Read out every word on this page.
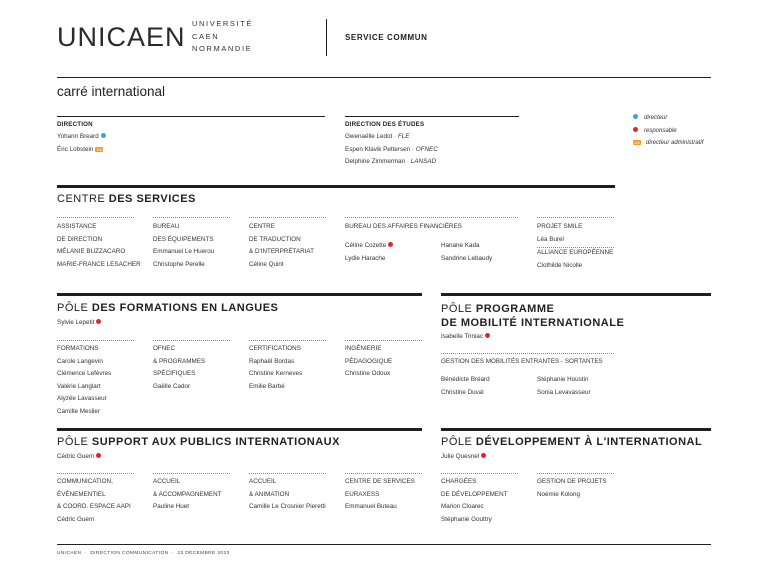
UNICAEN UNIVERSITÉ
CAEN
NORMANDIE
SERVICE COMMUN
carré international
DIRECTION
Yohann Breard
Éric Lobstein DA
DIRECTION DES ÉTUDES
Gwenaëlle Ledot · FLE
Espen Klavik Pettersen · OFNEC
Delphine Zimmerman · LANSAD
directeur
responsable
DA directeur administratif
CENTRE DES SERVICES
ASSISTANCE
DE DIRECTION
MÉLANIE BUZZACARO
MARIE-FRANCE LESACHER
BUREAU
DES ÉQUIPEMENTS
Emmanuel Le Huerou
Christophe Perelle
CENTRE
DE TRADUCTION
& D'INTERPRÉTARIAT
Céline Quint
BUREAU DES AFFAIRES FINANCIÈRES
Céline Cozette
Lydie Harache
Hanane Kada
Sandrine Lebaudy
PROJET SMILE
Léa Burel
ALLIANCE EUROPÉENNE
Clothilde Nicolle
PÔLE DES FORMATIONS EN LANGUES
Sylvie Lepetit
FORMATIONS
Carole Langevin
Clémence Lefèvres
Valérie Langlart
Alyzée Lavasseur
Camille Meslier
OFNEC
& PROGRAMMES
SPÉCIFIQUES
Gaëlle Cador
CERTIFICATIONS
Raphaël Bordas
Christine Kerneves
Emilie Barbé
INGÉNIERIE
PÉDAGOGIQUE
Christine Odoux
PÔLE PROGRAMME
DE MOBILITÉ INTERNATIONALE
Isabelle Triniac
GESTION DES MOBILITÉS ENTRANTES - SORTANTES
Bénédicte Bréard
Christine Duval
Stéphanie Houstin
Sonia Levavasseur
PÔLE SUPPORT AUX PUBLICS INTERNATIONAUX
Cédric Guern
COMMUNICATION,
ÉVÈNEMENTIEL
& COORD. ESPACE AAPI
Cédric Guern
ACCUEIL
& ACCOMPAGNEMENT
Pauline Huet
ACCUEIL
& ANIMATION
Camille Le Crosnier Pieretti
CENTRE DE SERVICES
EURAXESS
Emmanuel Buteau
PÔLE DÉVELOPPEMENT À L'INTERNATIONAL
Julie Quesnel
CHARGÉES
DE DÉVELOPPEMENT
Marion Cloarec
Stéphanie Gouttry
GESTION DE PROJETS
Noémie Kolong
UNICAEN  ·  DIRECTION COMMUNICATION  ·  22 DÉCEMBRE 2023
